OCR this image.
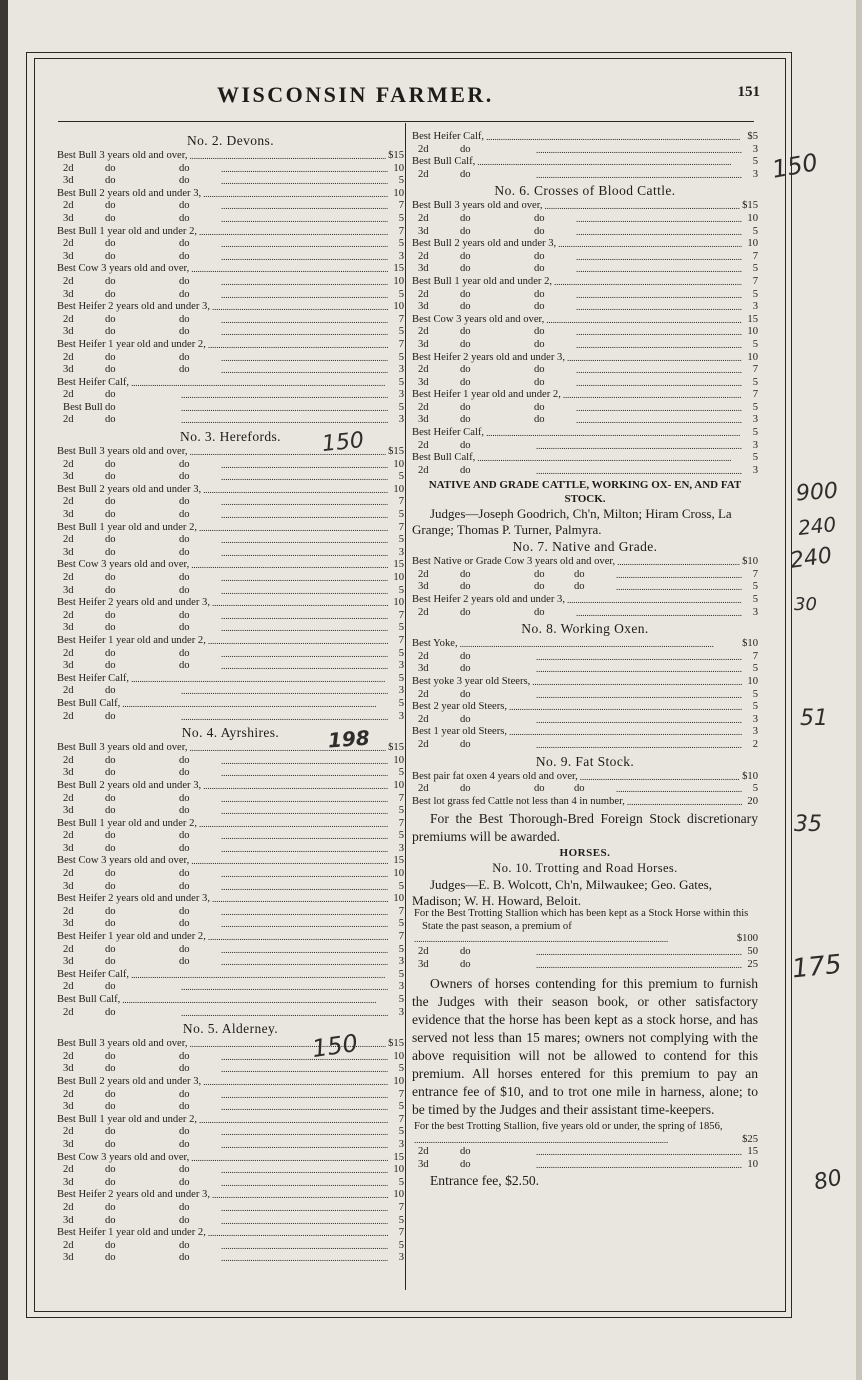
WISCONSIN FARMER.	151
No. 2. Devons.
Best Bull 3 years old and over, . . .	$15
2d	do	do . . .	10
3d	do	do . . .	5
Best Bull 2 years old and under 3, . . .	10
2d	do	do . . .	7
3d	do	do . . .	5
Best Bull 1 year old and under 2, . . .	7
2d	do	do . . .	5
3d	do	do . . .	3
Best Cow 3 years old and over, . . .	15
2d	do	do . . .	10
3d	do	do . . .	5
Best Heifer 2 years old and under 3, . . .	10
2d	do	do . . .	7
3d	do	do . . .	5
Best Heifer 1 year old and under 2, . . .	7
2d	do	do . . .	5
3d	do	do . . .	3
Best Heifer Calf, . . .	5
2d	do . . .	3
Best Bull do . . .	5
2d	do . . .	3
No. 3. Herefords.
Best Bull 3 years old and over, . . .	$15
2d	do	do . . .	10
3d	do	do . . .	5
Best Bull 2 years old and under 3, . . .	10
2d	do	do . . .	7
3d	do	do . . .	5
Best Bull 1 year old and under 2, . . .	7
2d	do	do . . .	5
3d	do	do . . .	3
Best Cow 3 years old and over, . . .	15
2d	do	do . . .	10
3d	do	do . . .	5
Best Heifer 2 years old and under 3, . . .	10
2d	do	do . . .	7
3d	do	do . . .	5
Best Heifer 1 year old and under 2, . . .	7
2d	do	do . . .	5
3d	do	do . . .	3
Best Heifer Calf, . . .	5
2d	do . . .	3
Best Bull Calf, . . .	5
2d	do . . .	3
No. 4. Ayrshires.
Best Bull 3 years old and over, . . .	$15
2d	do	do . . .	10
3d	do	do . . .	5
Best Bull 2 years old and under 3, . . .	10
2d	do	do . . .	7
3d	do	do . . .	5
Best Bull 1 year old and under 2, . . .	7
2d	do	do . . .	5
3d	do	do . . .	3
Best Cow 3 years old and over, . . .	15
2d	do	do . . .	10
3d	do	do . . .	5
Best Heifer 2 years old and under 3, . . .	10
2d	do	do . . .	7
3d	do	do . . .	5
Best Heifer 1 year old and under 2, . . .	7
2d	do	do . . .	5
3d	do	do . . .	3
Best Heifer Calf, . . .	5
2d	do . . .	3
Best Bull Calf, . . .	5
2d	do . . .	3
No. 5. Alderney.
Best Bull 3 years old and over, . . .	$15
2d	do	do . . .	10
3d	do	do . . .	5
Best Bull 2 years old and under 3, . . .	10
2d	do	do . . .	7
3d	do	do . . .	5
Best Bull 1 year old and under 2, . . .	7
2d	do	do . . .	5
3d	do	do . . .	3
Best Cow 3 years old and over, . . .	15
2d	do	do . . .	10
3d	do	do . . .	5
Best Heifer 2 years old and under 3, . . .	10
2d	do	do . . .	7
3d	do	do . . .	5
Best Heifer 1 year old and under 2, . . .	7
2d	do	do . . .	5
3d	do	do . . .	3
Best Heifer Calf, . . .	$5
2d	do . . .	3
Best Bull Calf, . . .	5
2d	do . . .	3
No. 6. Crosses of Blood Cattle.
Best Bull 3 years old and over, . . .	$15
2d	do	do . . .	10
3d	do	do . . .	5
Best Bull 2 years old and under 3, . . .	10
2d	do	do . . .	7
3d	do	do . . .	5
Best Bull 1 year old and under 2, . . .	7
2d	do	do . . .	5
3d	do	do . . .	3
Best Cow 3 years old and over, . . .	15
2d	do	do . . .	10
3d	do	do . . .	5
Best Heifer 2 years old and under 3, . . .	10
2d	do	do . . .	7
3d	do	do . . .	5
Best Heifer 1 year old and under 2, . . .	7
2d	do	do . . .	5
3d	do	do . . .	3
Best Heifer Calf, . . .	5
2d	do . . .	3
Best Bull Calf, . . .	5
2d	do . . .	3
NATIVE AND GRADE CATTLE, WORKING OX- EN, AND FAT STOCK.
Judges—Joseph Goodrich, Ch'n, Milton; Hiram Cross, La Grange; Thomas P. Turner, Palmyra.
No. 7. Native and Grade.
Best Native or Grade Cow 3 years old and over, . . .	$10
2d	do	do	do . . .	7
3d	do	do	do . . .	5
Best Heifer 2 years old and under 3, . . .	5
2d	do	do . . .	3
No. 8. Working Oxen.
Best Yoke, . . .	$10
2d	do . . .	7
3d	do . . .	5
Best yoke 3 year old Steers, . . .	10
2d	do . . .	5
Best 2 year old Steers, . . .	5
2d	do . . .	3
Best 1 year old Steers, . . .	3
2d	do . . .	2
No. 9. Fat Stock.
Best pair fat oxen 4 years old and over, . . .	$10
2d	do	do	do . . .	5
Best lot grass fed Cattle not less than 4 in number, . . .	20
For the Best Thorough-Bred Foreign Stock discretionary premiums will be awarded.
HORSES.
No. 10. Trotting and Road Horses.
Judges—E. B. Wolcott, Ch'n, Milwaukee; Geo. Gates, Madison; W. H. Howard, Beloit.
For the Best Trotting Stallion which has been kept as a Stock Horse within this State the past season, a premium of
. . .
$100
2d	do . . .	50
3d	do . . .	25
Owners of horses contending for this premium to furnish the Judges with their season book, or other satisfactory evidence that the horse has been kept as a stock horse, and has served not less than 15 mares; owners not complying with the above requisition will not be allowed to contend for this premium. All horses entered for this premium to pay an entrance fee of $10, and to trot one mile in harness, alone; to be timed by the Judges and their assistant time-keepers.
For the best Trotting Stallion, five years old or under, the spring of 1856,
. . .
$25
2d	do . . .	15
3d	do . . .	10
Entrance fee, $2.50.
150
198
150
150
900
240
240
30
51
35
175
80
